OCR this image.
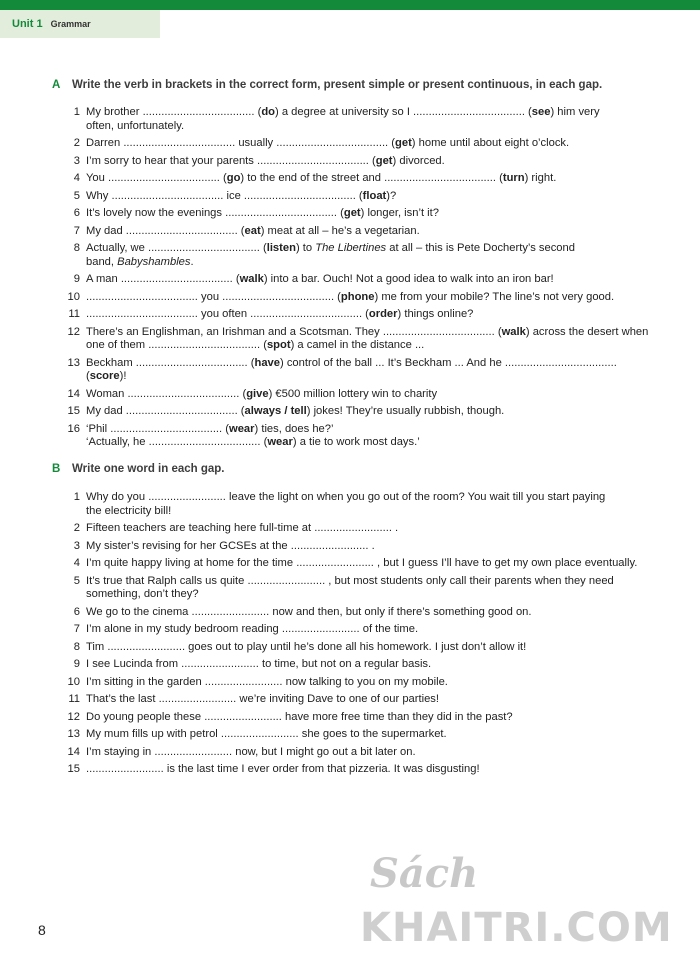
Unit 1 Grammar
A	Write the verb in brackets in the correct form, present simple or present continuous, in each gap.
1 My brother .................................... (do) a degree at university so I .................................... (see) him very
often, unfortunately.
2 Darren .................................... usually .................................... (get) home until about eight o’clock.
3 I’m sorry to hear that your parents .................................... (get) divorced.
4 You .................................... (go) to the end of the street and .................................... (turn) right.
5 Why .................................... ice .................................... (float)?
6 It’s lovely now the evenings .................................... (get) longer, isn’t it?
7 My dad .................................... (eat) meat at all – he’s a vegetarian.
8 Actually, we .................................... (listen) to The Libertines at all – this is Pete Docherty’s second
band, Babyshambles.
9 A man .................................... (walk) into a bar. Ouch! Not a good idea to walk into an iron bar!
10 .................................... you .................................... (phone) me from your mobile? The line’s not very good.
11 .................................... you often .................................... (order) things online?
12 There’s an Englishman, an Irishman and a Scotsman. They .................................... (walk) across the desert when
one of them .................................... (spot) a camel in the distance ...
13 Beckham .................................... (have) control of the ball ... It’s Beckham ... And he .................................... (score)!
14 Woman .................................... (give) €500 million lottery win to charity
15 My dad .................................... (always / tell) jokes! They’re usually rubbish, though.
16 ‘Phil .................................... (wear) ties, does he?’
‘Actually, he .................................... (wear) a tie to work most days.’
B	Write one word in each gap.
1 Why do you ......................... leave the light on when you go out of the room? You wait till you start paying
the electricity bill!
2 Fifteen teachers are teaching here full-time at ......................... .
3 My sister’s revising for her GCSEs at the ......................... .
4 I’m quite happy living at home for the time ......................... , but I guess I’ll have to get my own place eventually.
5 It’s true that Ralph calls us quite ......................... , but most students only call their parents when they need
something, don’t they?
6 We go to the cinema ......................... now and then, but only if there’s something good on.
7 I’m alone in my study bedroom reading ......................... of the time.
8 Tim ......................... goes out to play until he’s done all his homework. I just don’t allow it!
9 I see Lucinda from ......................... to time, but not on a regular basis.
10 I’m sitting in the garden ......................... now talking to you on my mobile.
11 That’s the last ......................... we’re inviting Dave to one of our parties!
12 Do young people these ......................... have more free time than they did in the past?
13 My mum fills up with petrol ......................... she goes to the supermarket.
14 I’m staying in ......................... now, but I might go out a bit later on.
15 ......................... is the last time I ever order from that pizzeria. It was disgusting!
8
Sách
KHAITRI.COM
